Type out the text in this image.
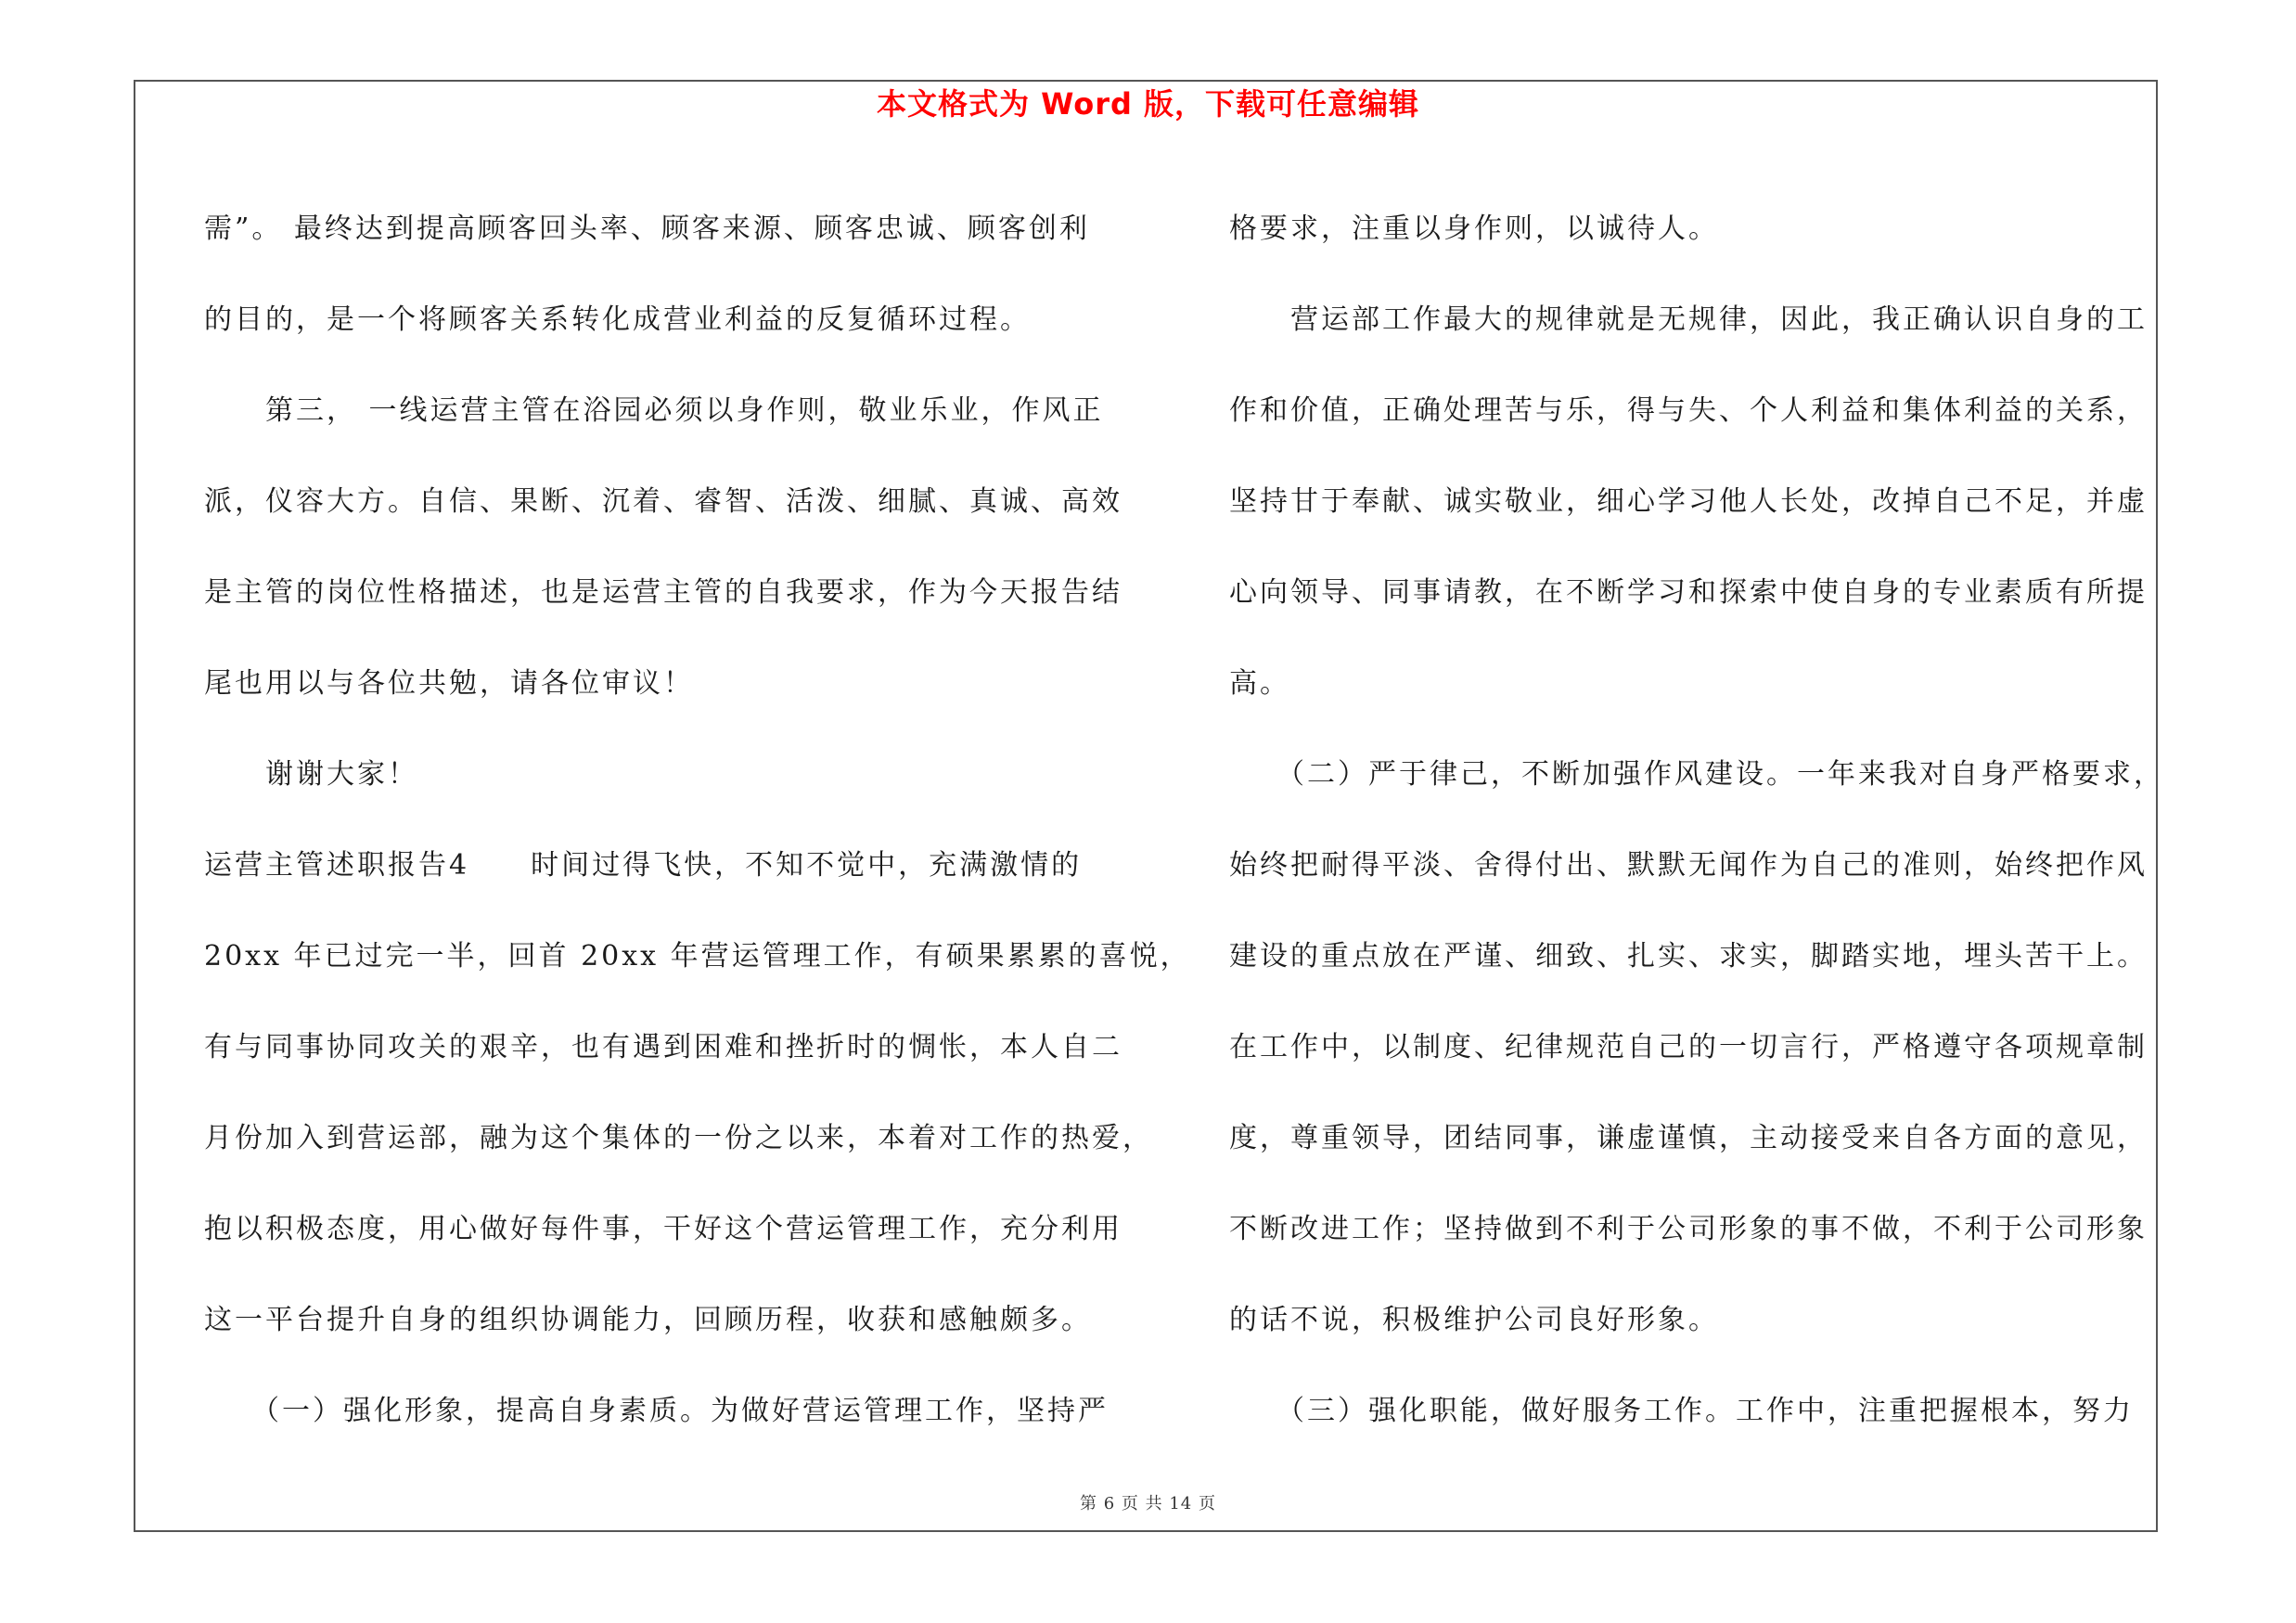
本文格式为 Word 版，下载可任意编辑
需”。 最终达到提高顾客回头率、顾客来源、顾客忠诚、顾客创利
的目的，是一个将顾客关系转化成营业利益的反复循环过程。
　　第三， 一线运营主管在浴园必须以身作则，敬业乐业，作风正
派，仪容大方。自信、果断、沉着、睿智、活泼、细腻、真诚、高效
是主管的岗位性格描述，也是运营主管的自我要求，作为今天报告结
尾也用以与各位共勉，请各位审议！
　　谢谢大家！
运营主管述职报告4　　时间过得飞快，不知不觉中，充满激情的
20xx 年已过完一半，回首 20xx 年营运管理工作，有硕果累累的喜悦，
有与同事协同攻关的艰辛，也有遇到困难和挫折时的惆怅，本人自二
月份加入到营运部，融为这个集体的一份之以来，本着对工作的热爱，
抱以积极态度，用心做好每件事，干好这个营运管理工作，充分利用
这一平台提升自身的组织协调能力，回顾历程，收获和感触颇多。
　　（一）强化形象，提高自身素质。为做好营运管理工作，坚持严
格要求，注重以身作则，以诚待人。
　　营运部工作最大的规律就是无规律，因此，我正确认识自身的工
作和价值，正确处理苦与乐，得与失、个人利益和集体利益的关系，
坚持甘于奉献、诚实敬业，细心学习他人长处，改掉自己不足，并虚
心向领导、同事请教，在不断学习和探索中使自身的专业素质有所提
高。
　　（二）严于律己，不断加强作风建设。一年来我对自身严格要求，
始终把耐得平淡、舍得付出、默默无闻作为自己的准则，始终把作风
建设的重点放在严谨、细致、扎实、求实，脚踏实地，埋头苦干上。
在工作中，以制度、纪律规范自己的一切言行，严格遵守各项规章制
度，尊重领导，团结同事，谦虚谨慎，主动接受来自各方面的意见，
不断改进工作；坚持做到不利于公司形象的事不做，不利于公司形象
的话不说，积极维护公司良好形象。
　　（三）强化职能，做好服务工作。工作中，注重把握根本，努力
第 6 页 共 14 页
